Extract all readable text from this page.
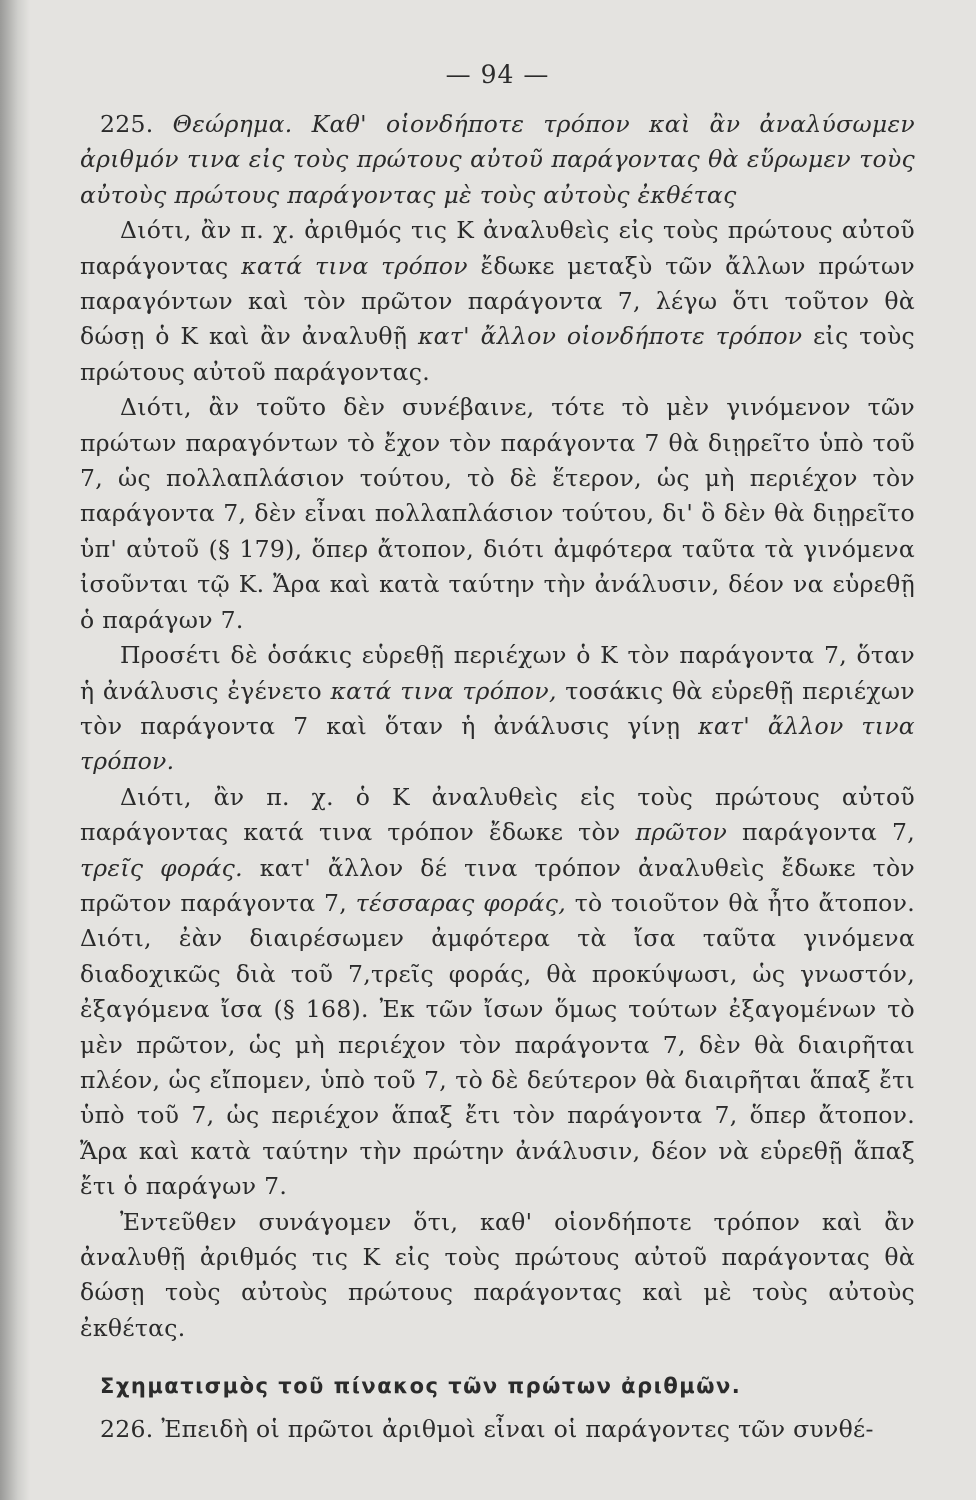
— 94 —

225. Θεώρημα. Καθ' οἱονδήποτε τρόπον καὶ ἂν ἀναλύσωμεν ἀριθμόν τινα εἰς τοὺς πρώτους αὐτοῦ παράγοντας θὰ εὕρωμεν τοὺς αὐτοὺς πρώτους παράγοντας μὲ τοὺς αὐτοὺς ἐκθέτας

Διότι, ἂν π. χ. ἀριθμός τις Κ ἀναλυθεὶς εἰς τοὺς πρώτους αὐτοῦ παράγοντας κατά τινα τρόπον ἔδωκε μεταξὺ τῶν ἄλλων πρώτων παραγόντων καὶ τὸν πρῶτον παράγοντα 7, λέγω ὅτι τοῦτον θὰ δώσῃ ὁ Κ καὶ ἂν ἀναλυθῇ κατ' ἄλλον οἱονδήποτε τρόπον εἰς τοὺς πρώτους αὐτοῦ παράγοντας.

Διότι, ἂν τοῦτο δὲν συνέβαινε, τότε τὸ μὲν γινόμενον τῶν πρώτων παραγόντων τὸ ἔχον τὸν παράγοντα 7 θὰ διῃρεῖτο ὑπὸ τοῦ 7, ὡς πολλαπλάσιον τούτου, τὸ δὲ ἕτερον, ὡς μὴ περιέχον τὸν παράγοντα 7, δὲν εἶναι πολλαπλάσιον τούτου, δι' ὃ δὲν θὰ διῃρεῖτο ὑπ' αὐτοῦ (§ 179), ὅπερ ἄτοπον, διότι ἀμφότερα ταῦτα τὰ γινόμενα ἰσοῦνται τῷ Κ. Ἄρα καὶ κατὰ ταύτην τὴν ἀνάλυσιν, δέον να εὑρεθῇ ὁ παράγων 7.

Προσέτι δὲ ὁσάκις εὑρεθῇ περιέχων ὁ Κ τὸν παράγοντα 7, ὅταν ἡ ἀνάλυσις ἐγένετο κατά τινα τρόπον, τοσάκις θὰ εὑρεθῇ περιέχων τὸν παράγοντα 7 καὶ ὅταν ἡ ἀνάλυσις γίνῃ κατ' ἄλλον τινα τρόπον.

Διότι, ἂν π. χ. ὁ Κ ἀναλυθεὶς εἰς τοὺς πρώτους αὐτοῦ παράγοντας κατά τινα τρόπον ἔδωκε τὸν πρῶτον παράγοντα 7, τρεῖς φοράς. κατ' ἄλλον δέ τινα τρόπον ἀναλυθεὶς ἔδωκε τὸν πρῶτον παράγοντα 7, τέσσαρας φοράς, τὸ τοιοῦτον θὰ ἦτο ἄτοπον. Διότι, ἐὰν διαιρέσωμεν ἀμφότερα τὰ ἴσα ταῦτα γινόμενα διαδοχικῶς διὰ τοῦ 7,τρεῖς φοράς, θὰ προκύψωσι, ὡς γνωστόν, ἐξαγόμενα ἴσα (§ 168). Ἐκ τῶν ἴσων ὅμως τούτων ἐξαγομένων τὸ μὲν πρῶτον, ὡς μὴ περιέχον τὸν παράγοντα 7, δὲν θὰ διαιρῆται πλέον, ὡς εἴπομεν, ὑπὸ τοῦ 7, τὸ δὲ δεύτερον θὰ διαιρῆται ἅπαξ ἔτι ὑπὸ τοῦ 7, ὡς περιέχον ἅπαξ ἔτι τὸν παράγοντα 7, ὅπερ ἄτοπον. Ἄρα καὶ κατὰ ταύτην τὴν πρώτην ἀνάλυσιν, δέον νὰ εὑρεθῇ ἅπαξ ἔτι ὁ παράγων 7.

Ἐντεῦθεν συνάγομεν ὅτι, καθ' οἱονδήποτε τρόπον καὶ ἂν ἀναλυθῇ ἀριθμός τις Κ εἰς τοὺς πρώτους αὐτοῦ παράγοντας θὰ δώσῃ τοὺς αὐτοὺς πρώτους παράγοντας καὶ μὲ τοὺς αὐτοὺς ἐκθέτας.

Σχηματισμὸς τοῦ πίνακος τῶν πρώτων ἀριθμῶν.

226. Ἐπειδὴ οἱ πρῶτοι ἀριθμοὶ εἶναι οἱ παράγοντες τῶν συνθέ-
